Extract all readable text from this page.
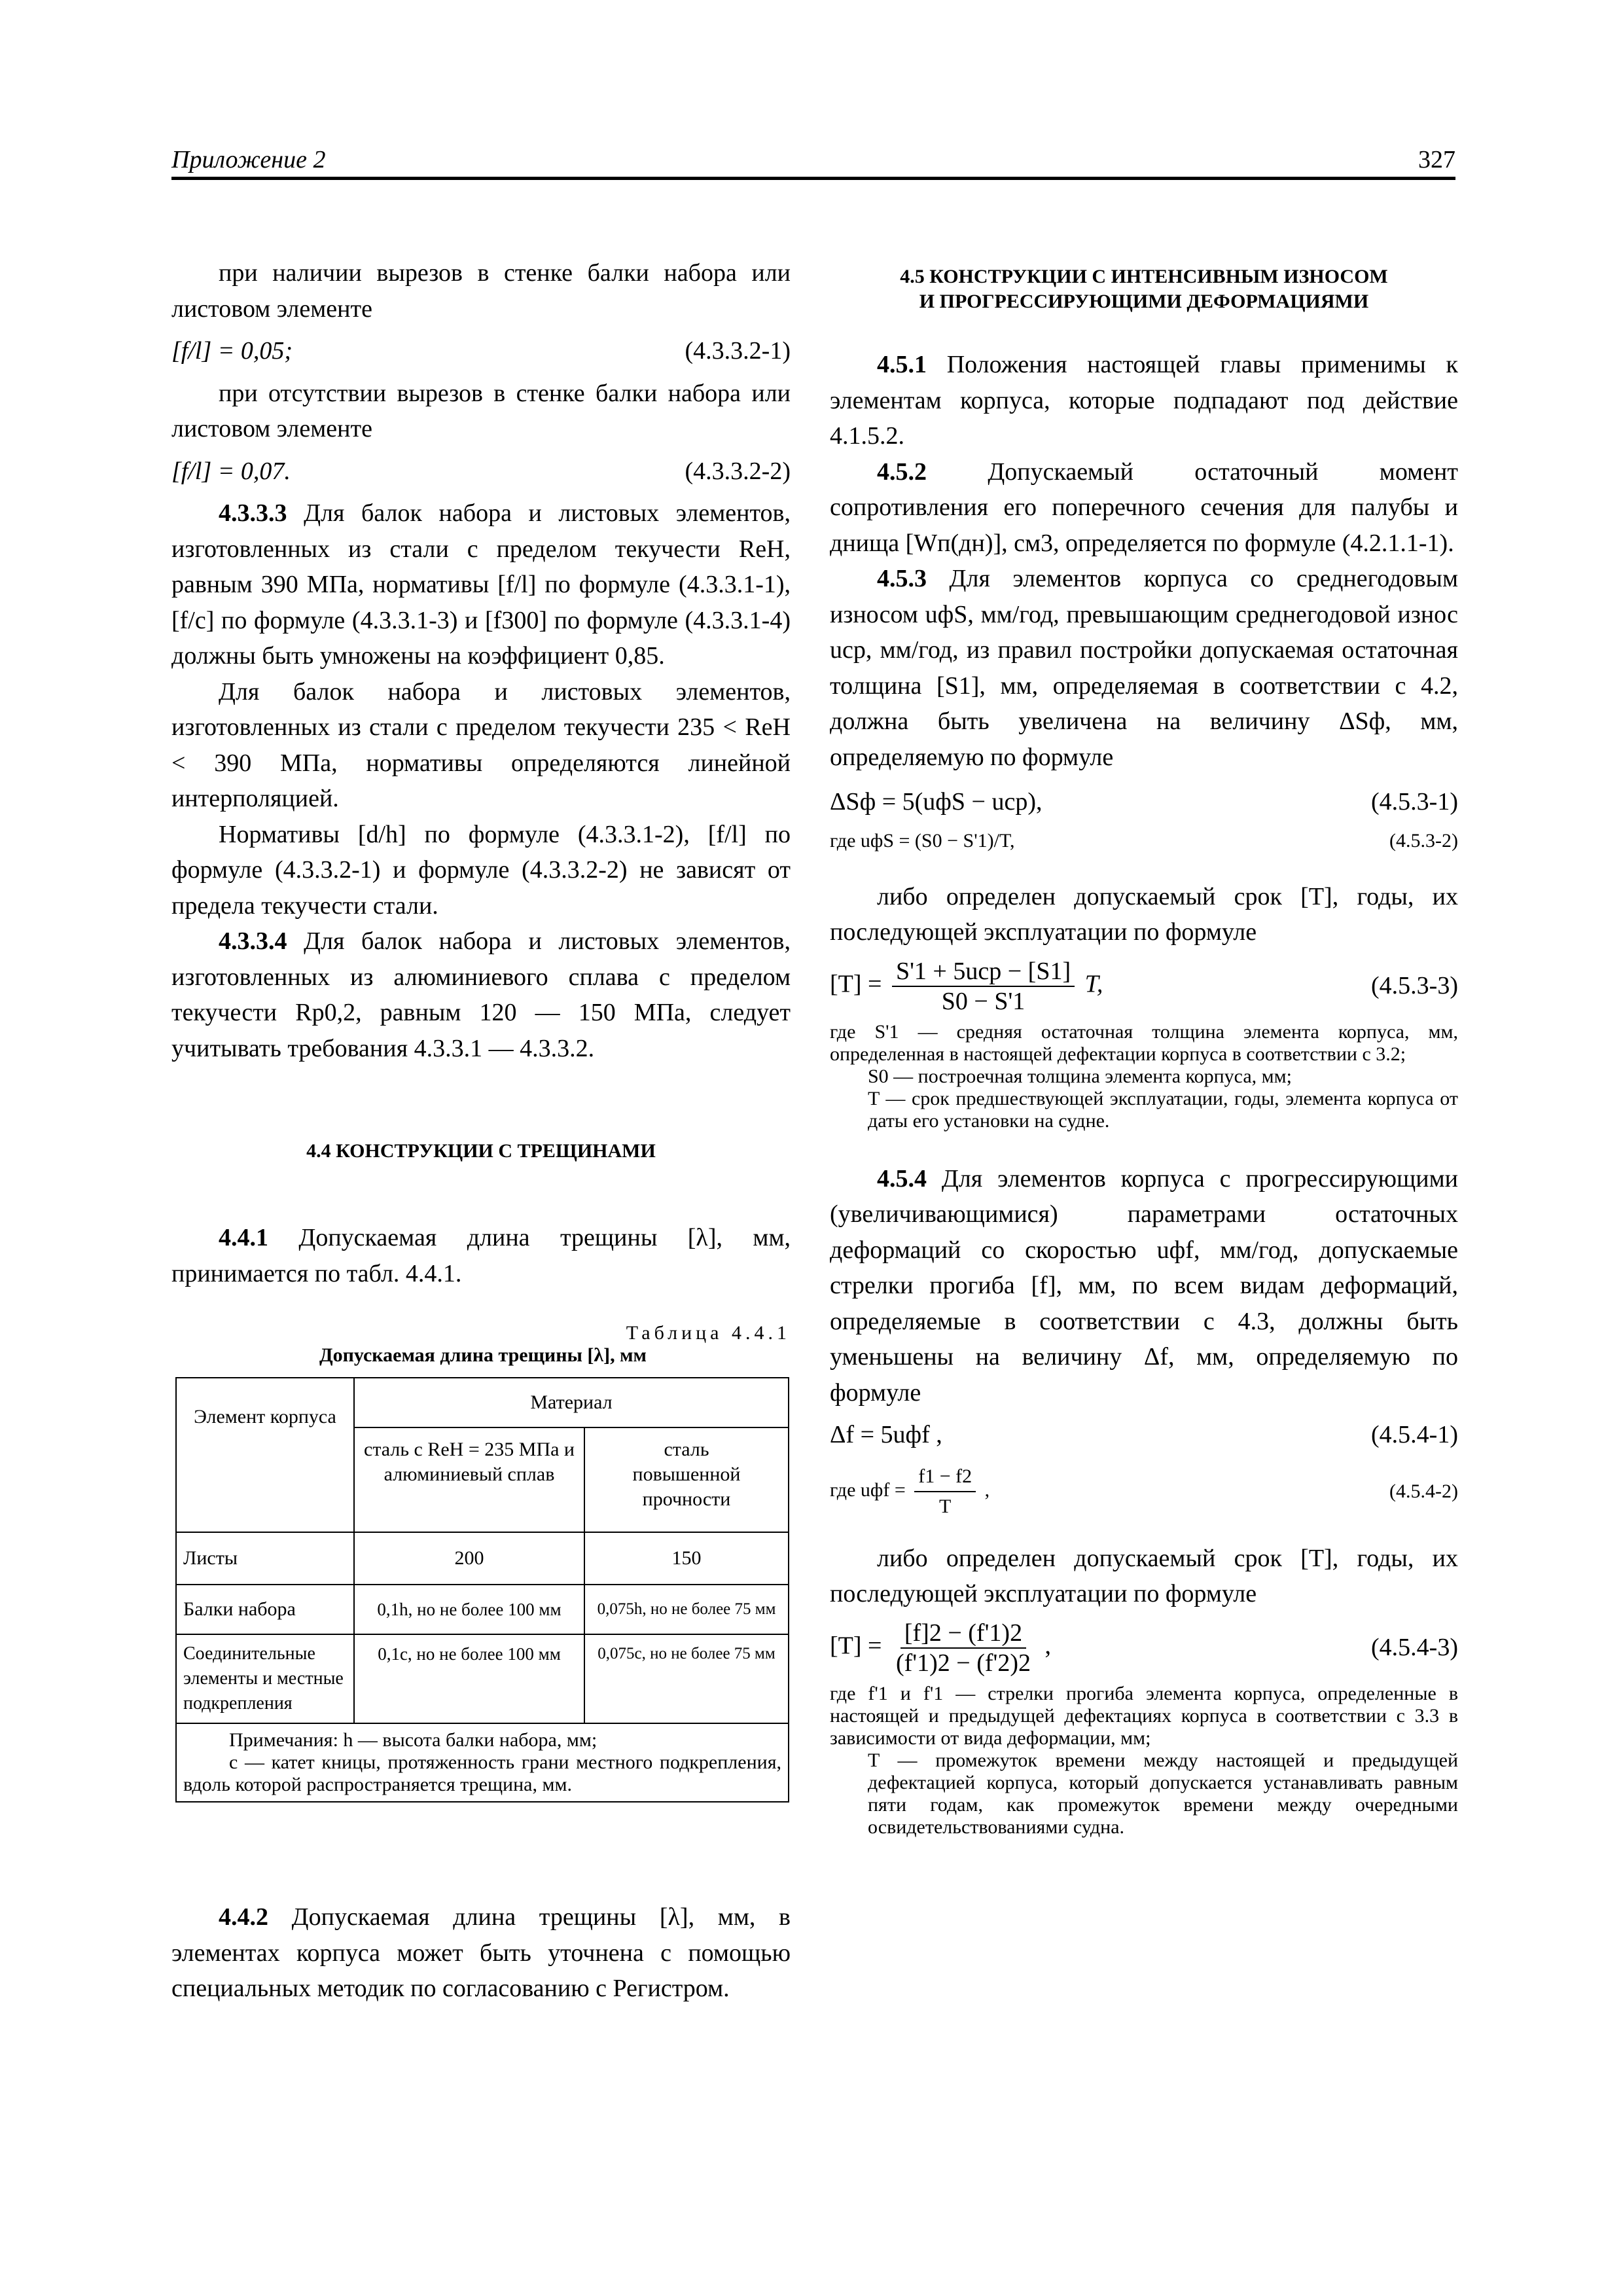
Приложение 2	327

при наличии вырезов в стенке балки набора или листовом элементе

[f/l] = 0,05;	(4.3.3.2-1)

при отсутствии вырезов в стенке балки набора или листовом элементе

[f/l] = 0,07.	(4.3.3.2-2)

4.3.3.3 Для балок набора и листовых элементов, изготовленных из стали с пределом текучести ReH, равным 390 МПа, нормативы [f/l] по формуле (4.3.3.1-1), [f/c] по формуле (4.3.3.1-3) и [f300] по формуле (4.3.3.1-4) должны быть умножены на коэффициент 0,85.

Для балок набора и листовых элементов, изготовленных из стали с пределом текучести 235 < ReH < 390 МПа, нормативы определяются линейной интерполяцией.

Нормативы [d/h] по формуле (4.3.3.1-2), [f/l] по формуле (4.3.3.2-1) и формуле (4.3.3.2-2) не зависят от предела текучести стали.

4.3.3.4 Для балок набора и листовых элементов, изготовленных из алюминиевого сплава с пределом текучести Rp0,2, равным 120 — 150 МПа, следует учитывать требования 4.3.3.1 — 4.3.3.2.

4.4 КОНСТРУКЦИИ С ТРЕЩИНАМИ

4.4.1 Допускаемая длина трещины [λ], мм, принимается по табл. 4.4.1.

Таблица 4.4.1
Допускаемая длина трещины [λ], мм
Элемент корпуса	Материал	
	сталь с ReH = 235 МПа и алюминиевый сплав	сталь повышенной прочности
Листы	200	150
Балки набора	0,1h, но не более 100 мм	0,075h, но не более 75 мм
Соединительные элементы и местные подкрепления	0,1c, но не более 100 мм	0,075c, но не более 75 мм

Примечания: h — высота балки набора, мм;
c — катет кницы, протяженность грани местного подкрепления, вдоль которой распространяется трещина, мм.		

4.4.2 Допускаемая длина трещины [λ], мм, в элементах корпуса может быть уточнена с помощью специальных методик по согласованию с Регистром.

4.5 КОНСТРУКЦИИ С ИНТЕНСИВНЫМ ИЗНОСОМ
И ПРОГРЕССИРУЮЩИМИ ДЕФОРМАЦИЯМИ

4.5.1 Положения настоящей главы применимы к элементам корпуса, которые подпадают под действие 4.1.5.2.

4.5.2 Допускаемый остаточный момент сопротивления его поперечного сечения для палубы и днища [Wп(дн)], см3, определяется по формуле (4.2.1.1-1).

4.5.3 Для элементов корпуса со среднегодовым износом uфS, мм/год, превышающим среднегодовой износ uср, мм/год, из правил постройки допускаемая остаточная толщина [S1], мм, определяемая в соответствии с 4.2, должна быть увеличена на величину ΔSф, мм, определяемую по формуле

ΔSф = 5(uфS − uср),	(4.5.3-1)
где uфS = (S0 − S'1)/T,	(4.5.3-2)

либо определен допускаемый срок [T], годы, их последующей эксплуатации по формуле

$[T] = \frac{\text{S'1 + 5uср − [S1]}}{S0 - S'1} T$,	(4.5.3-3)
где S'1 — средняя остаточная толщина элемента корпуса, мм, определенная в настоящей дефектации корпуса в соответствии с 3.2;
S0 — построечная толщина элемента корпуса, мм;
T — срок предшествующей эксплуатации, годы, элемента корпуса от даты его установки на судне.

4.5.4 Для элементов корпуса с прогрессирующими (увеличивающимися) параметрами остаточных деформаций со скоростью uфf, мм/год, допускаемые стрелки прогиба [f], мм, по всем видам деформаций, определяемые в соответствии с 4.3, должны быть уменьшены на величину Δf, мм, определяемую по формуле

Δf = 5uфf ,	(4.5.4-1)
где uфf = $\frac{f1 - f2}{T}$ ,	(4.5.4-2)

либо определен допускаемый срок [T], годы, их последующей эксплуатации по формуле

$[T] = \frac{[f]2 - (f'1)2}{(f'1)2 - (f'2)2}$ ,	(4.5.4-3)
где f'1 и f'1 — стрелки прогиба элемента корпуса, определенные в настоящей и предыдущей дефектациях корпуса в соответствии с 3.3 в зависимости от вида деформации, мм;
T — промежуток времени между настоящей и предыдущей дефектацией корпуса, который допускается устанавливать равным пяти годам, как промежуток времени между очередными освидетельствованиями судна.
